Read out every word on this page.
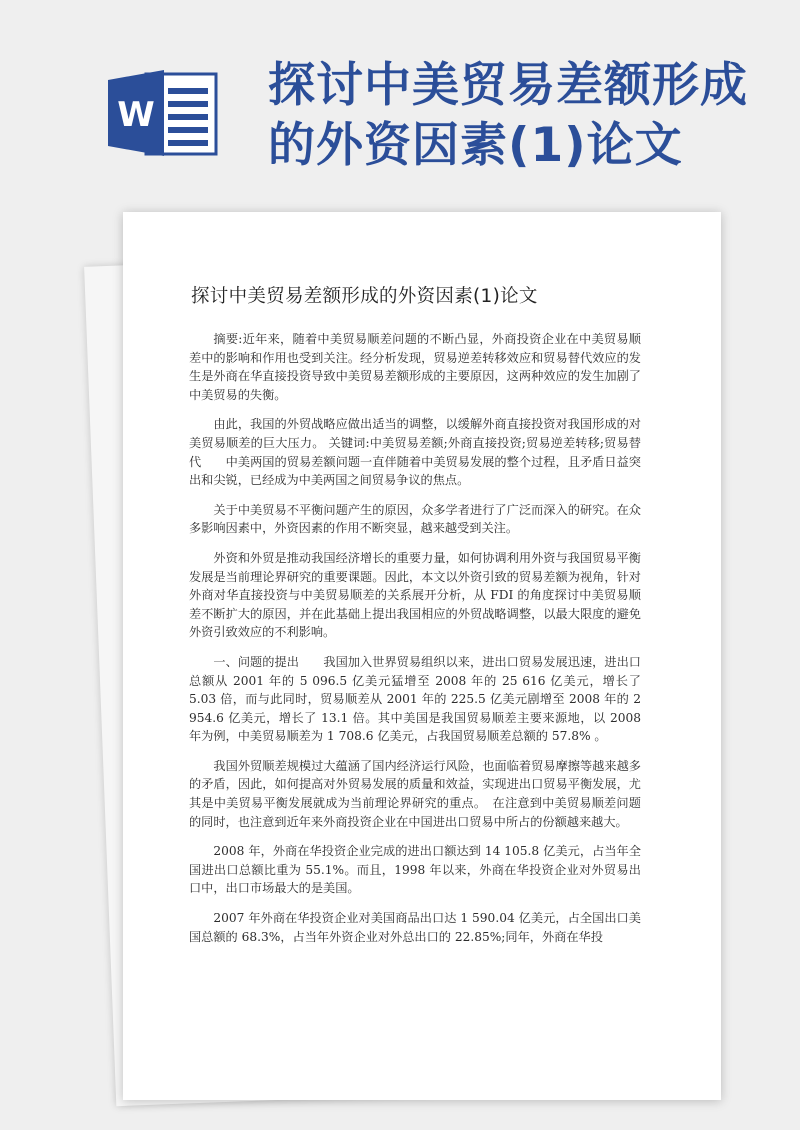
W
探讨中美贸易差额形成的外资因素(1)论文
探讨中美贸易差额形成的外资因素(1)论文

摘要:近年来，随着中美贸易顺差问题的不断凸显，外商投资企业在中美贸易顺差中的影响和作用也受到关注。经分析发现，贸易逆差转移效应和贸易替代效应的发生是外商在华直接投资导致中美贸易差额形成的主要原因，这两种效应的发生加剧了中美贸易的失衡。

由此，我国的外贸战略应做出适当的调整，以缓解外商直接投资对我国形成的对美贸易顺差的巨大压力。 关键词:中美贸易差额;外商直接投资;贸易逆差转移;贸易替代　　中美两国的贸易差额问题一直伴随着中美贸易发展的整个过程，且矛盾日益突出和尖锐，已经成为中美两国之间贸易争议的焦点。

关于中美贸易不平衡问题产生的原因，众多学者进行了广泛而深入的研究。在众多影响因素中，外资因素的作用不断突显，越来越受到关注。

外资和外贸是推动我国经济增长的重要力量，如何协调利用外资与我国贸易平衡发展是当前理论界研究的重要课题。因此，本文以外资引致的贸易差额为视角，针对外商对华直接投资与中美贸易顺差的关系展开分析，从 FDI 的角度探讨中美贸易顺差不断扩大的原因，并在此基础上提出我国相应的外贸战略调整，以最大限度的避免外资引致效应的不利影响。

一、问题的提出　　我国加入世界贸易组织以来，进出口贸易发展迅速，进出口总额从 2001 年的 5 096.5 亿美元猛增至 2008 年的 25 616 亿美元，增长了 5.03 倍，而与此同时，贸易顺差从 2001 年的 225.5 亿美元剧增至 2008 年的 2 954.6 亿美元，增长了 13.1 倍。其中美国是我国贸易顺差主要来源地，以 2008 年为例，中美贸易顺差为 1 708.6 亿美元，占我国贸易顺差总额的 57.8% 。

我国外贸顺差规模过大蕴涵了国内经济运行风险，也面临着贸易摩擦等越来越多的矛盾，因此，如何提高对外贸易发展的质量和效益，实现进出口贸易平衡发展，尤其是中美贸易平衡发展就成为当前理论界研究的重点。　在注意到中美贸易顺差问题的同时，也注意到近年来外商投资企业在中国进出口贸易中所占的份额越来越大。

2008 年，外商在华投资企业完成的进出口额达到 14 105.8 亿美元，占当年全国进出口总额比重为 55.1%。而且，1998 年以来，外商在华投资企业对外贸易出口中，出口市场最大的是美国。

2007 年外商在华投资企业对美国商品出口达 1 590.04 亿美元，占全国出口美国总额的 68.3%，占当年外资企业对外总出口的 22.85%;同年，外商在华投

​
